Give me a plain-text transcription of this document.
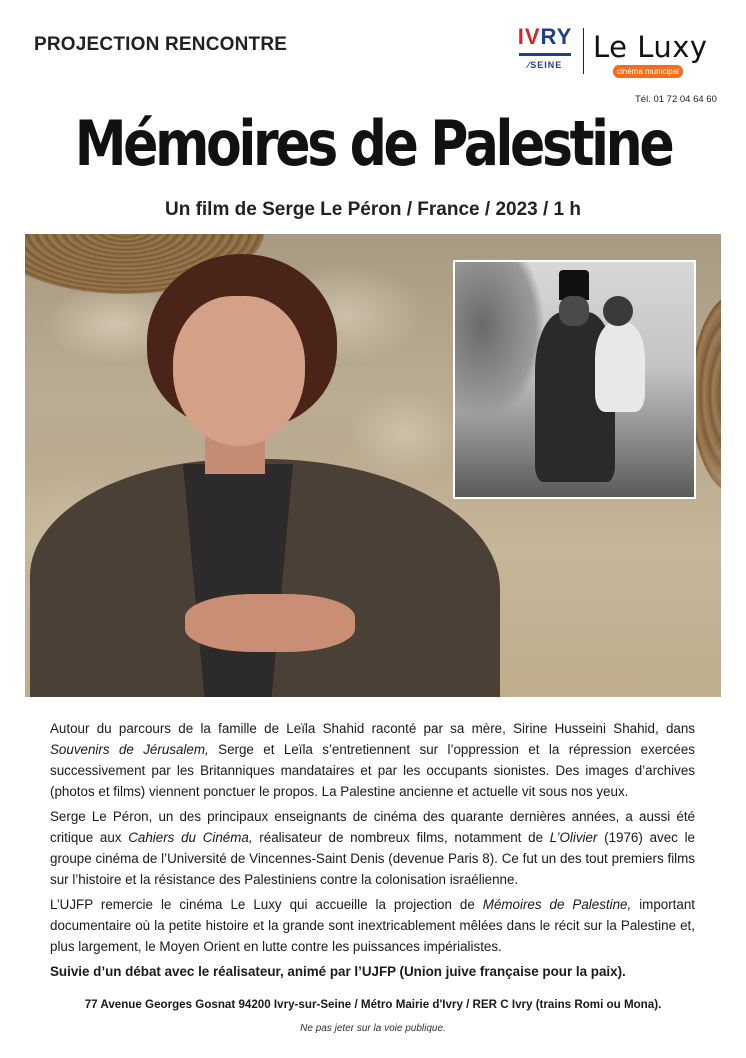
PROJECTION RENCONTRE	IVRY
⁄SEINE
Le Luxy
cinéma municipal
Tél. 01 72 04 64 60
Mémoires de Palestine
Un film de Serge Le Péron / France / 2023 / 1 h

Autour du parcours de la famille de Leïla Shahid raconté par sa mère, Sirine Husseini Shahid, dans Souvenirs de Jérusalem, Serge et Leïla s’entretiennent sur l’oppression et la répression exercées successivement par les Britanniques mandataires et par les occupants sionistes. Des images d’archives (photos et films) viennent ponctuer le propos. La Palestine ancienne et actuelle vit sous nos yeux.

Serge Le Péron, un des principaux enseignants de cinéma des quarante dernières années, a aussi été critique aux Cahiers du Cinéma, réalisateur de nombreux films, notamment de L’Olivier (1976) avec le groupe cinéma de l’Université de Vincennes-Saint Denis (devenue Paris 8). Ce fut un des tout premiers films sur l’histoire et la résistance des Palestiniens contre la colonisation israélienne.

L’UJFP remercie le cinéma Le Luxy qui accueille la projection de Mémoires de Palestine, important documentaire où la petite histoire et la grande sont inextricablement mêlées dans le récit sur la Palestine et, plus largement, le Moyen Orient en lutte contre les puissances impérialistes.

Suivie d’un débat avec le réalisateur, animé par l’UJFP (Union juive française pour la paix).

77 Avenue Georges Gosnat 94200 Ivry-sur-Seine / Métro Mairie d'Ivry / RER C Ivry (trains Romi ou Mona).
Ne pas jeter sur la voie publique.
